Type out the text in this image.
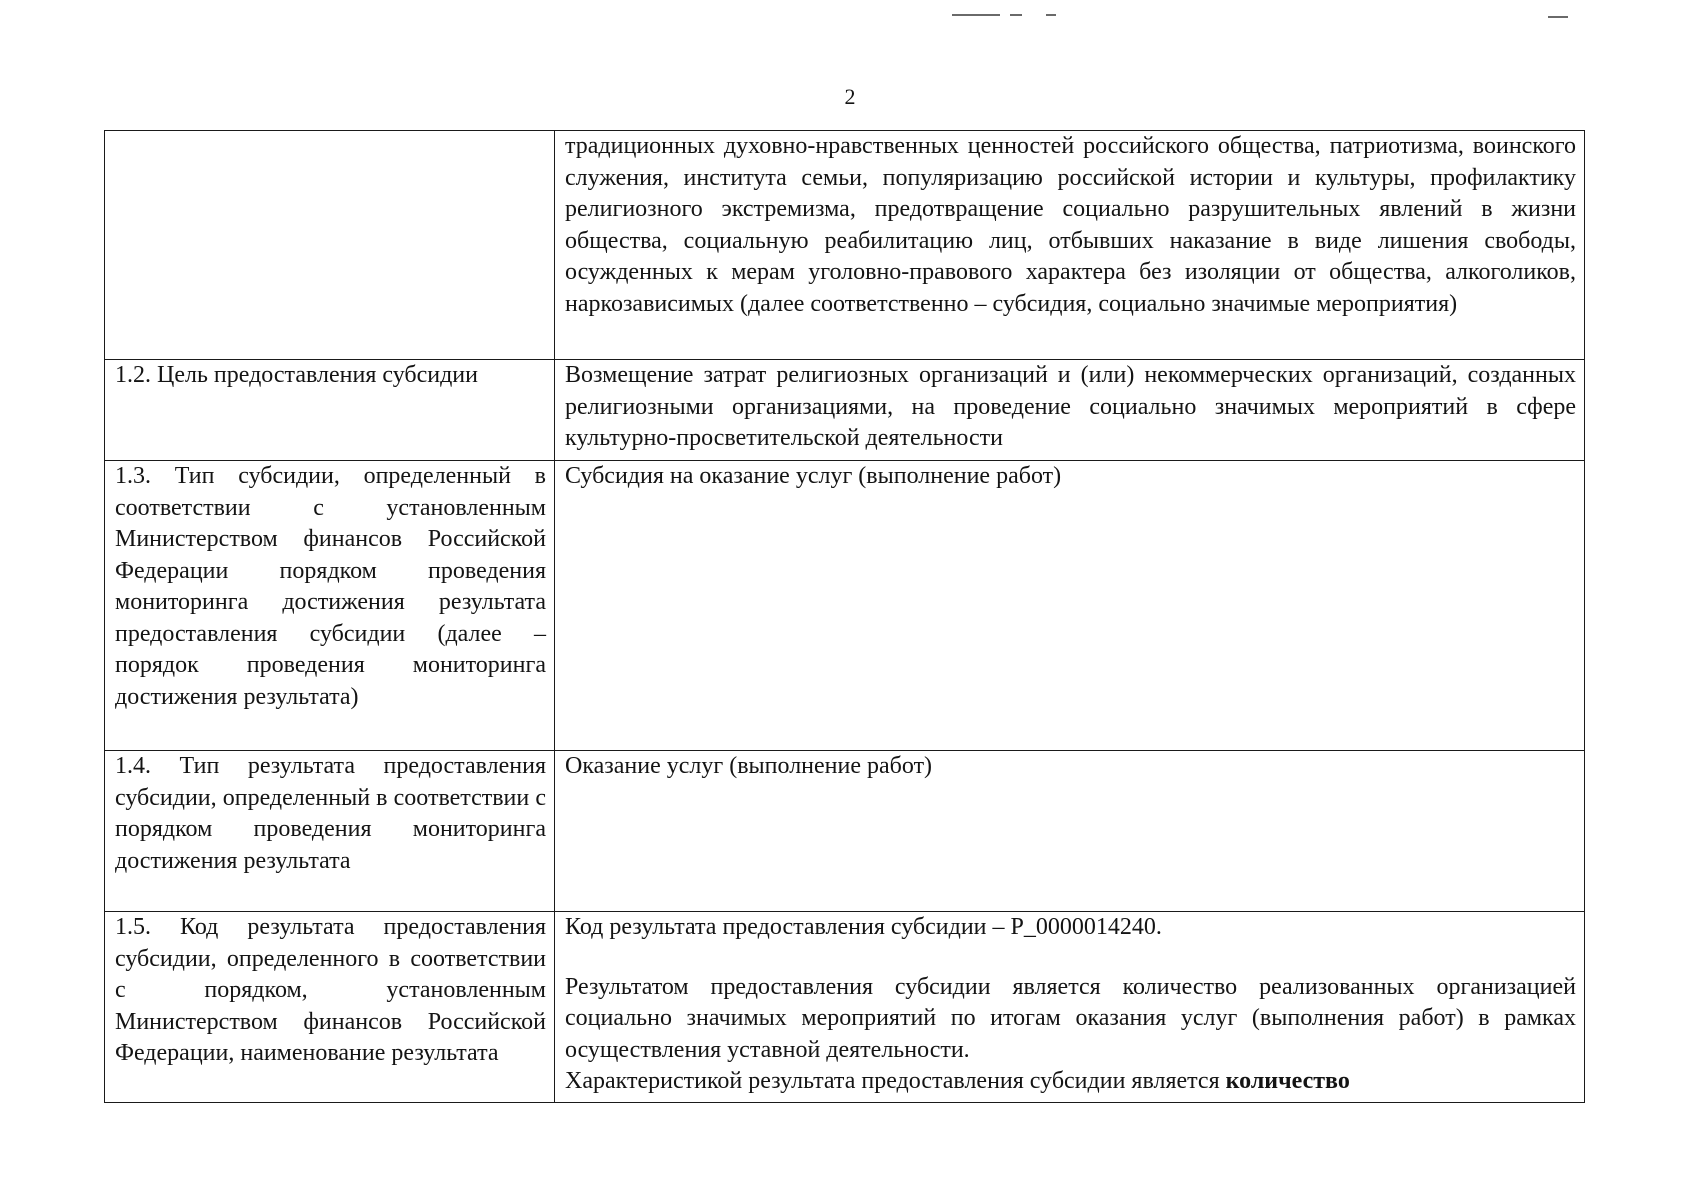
2

	традиционных духовно-нравственных ценностей российского общества, патриотизма, воинского служения, института семьи, популяризацию российской истории и культуры, профилактику религиозного экстремизма, предотвращение социально разрушительных явлений в жизни общества, социальную реабилитацию лиц, отбывших наказание в виде лишения свободы, осужденных к мерам уголовно-правового характера без изоляции от общества, алкоголиков, наркозависимых (далее соответственно – субсидия, социально значимые мероприятия)

1.2. Цель предоставления субсидии	Возмещение затрат религиозных организаций и (или) некоммерческих организаций, созданных религиозными организациями, на проведение социально значимых мероприятий в сфере культурно-просветительской деятельности

1.3. Тип субсидии, определенный в соответствии с установленным Министерством финансов Российской Федерации порядком проведения мониторинга достижения результата предоставления субсидии (далее – порядок проведения мониторинга достижения результата)	Субсидия на оказание услуг (выполнение работ)

1.4. Тип результата предоставления субсидии, определенный в соответствии с порядком проведения мониторинга достижения результата	Оказание услуг (выполнение работ)

1.5. Код результата предоставления субсидии, определенного в соответствии с порядком, установленным Министерством финансов Российской Федерации, наименование результата	Код результата предоставления субсидии – P_0000014240.

Результатом предоставления субсидии является количество реализованных организацией социально значимых мероприятий по итогам оказания услуг (выполнения работ) в рамках осуществления уставной деятельности.

Характеристикой результата предоставления субсидии является количество
